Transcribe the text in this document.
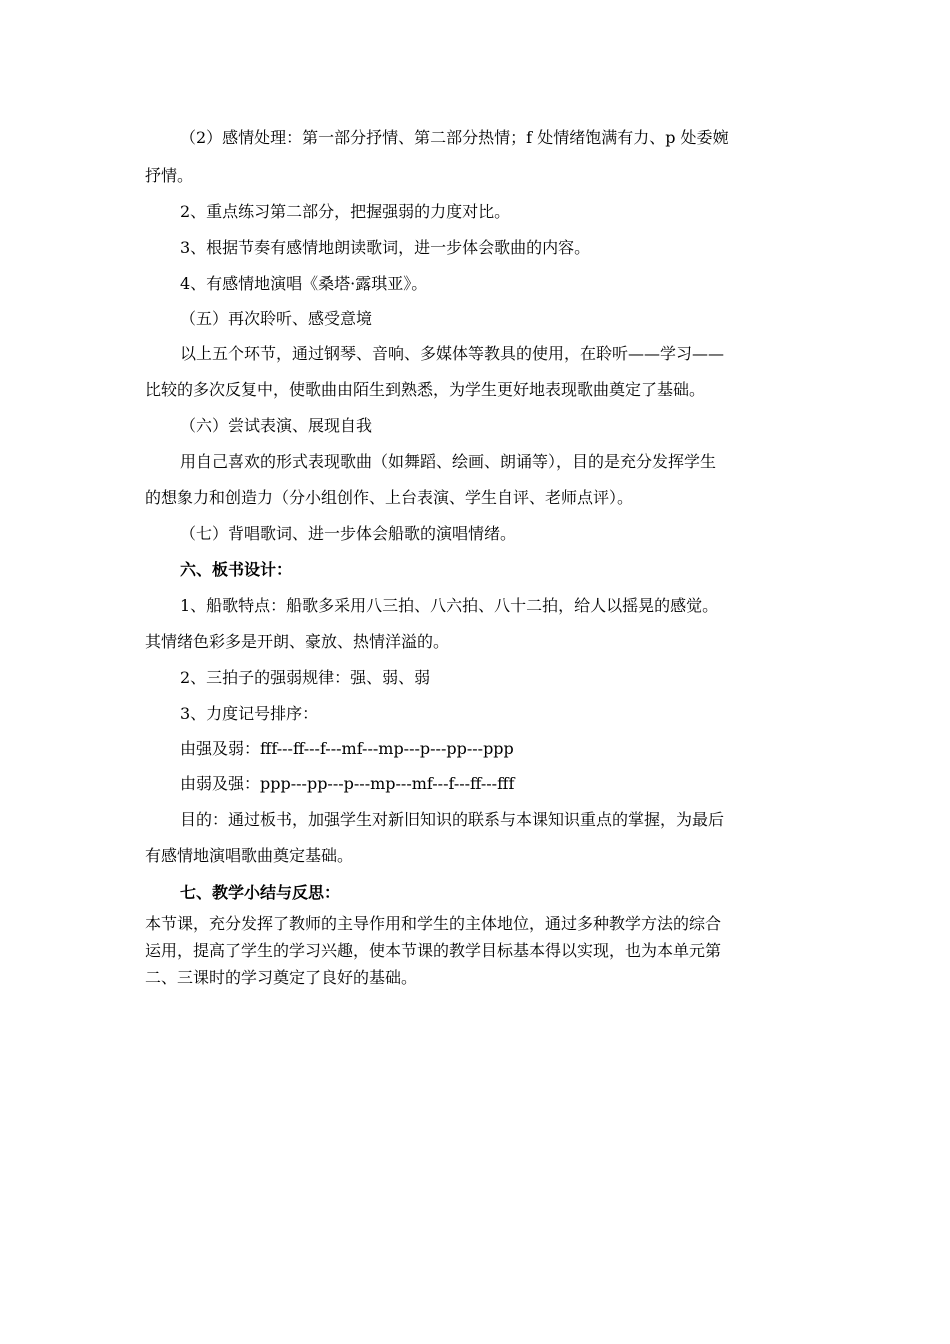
（2）感情处理：第一部分抒情、第二部分热情；f 处情绪饱满有力、p 处委婉
抒情。
2、重点练习第二部分，把握强弱的力度对比。
3、根据节奏有感情地朗读歌词，进一步体会歌曲的内容。
4、有感情地演唱《桑塔·露琪亚》。
（五）再次聆听、感受意境
以上五个环节，通过钢琴、音响、多媒体等教具的使用，在聆听——学习——
比较的多次反复中，使歌曲由陌生到熟悉，为学生更好地表现歌曲奠定了基础。
（六）尝试表演、展现自我
用自己喜欢的形式表现歌曲（如舞蹈、绘画、朗诵等），目的是充分发挥学生
的想象力和创造力（分小组创作、上台表演、学生自评、老师点评）。
（七）背唱歌词、进一步体会船歌的演唱情绪。
六、板书设计：
1、船歌特点：船歌多采用八三拍、八六拍、八十二拍，给人以摇晃的感觉。
其情绪色彩多是开朗、豪放、热情洋溢的。
2、三拍子的强弱规律：强、弱、弱
3、力度记号排序：
由强及弱：fff---ff---f---mf---mp---p---pp---ppp
由弱及强：ppp---pp---p---mp---mf---f---ff---fff
目的：通过板书，加强学生对新旧知识的联系与本课知识重点的掌握，为最后
有感情地演唱歌曲奠定基础。
七、教学小结与反思：
本节课，充分发挥了教师的主导作用和学生的主体地位，通过多种教学方法的综合
运用，提高了学生的学习兴趣，使本节课的教学目标基本得以实现，也为本单元第
二、三课时的学习奠定了良好的基础。
